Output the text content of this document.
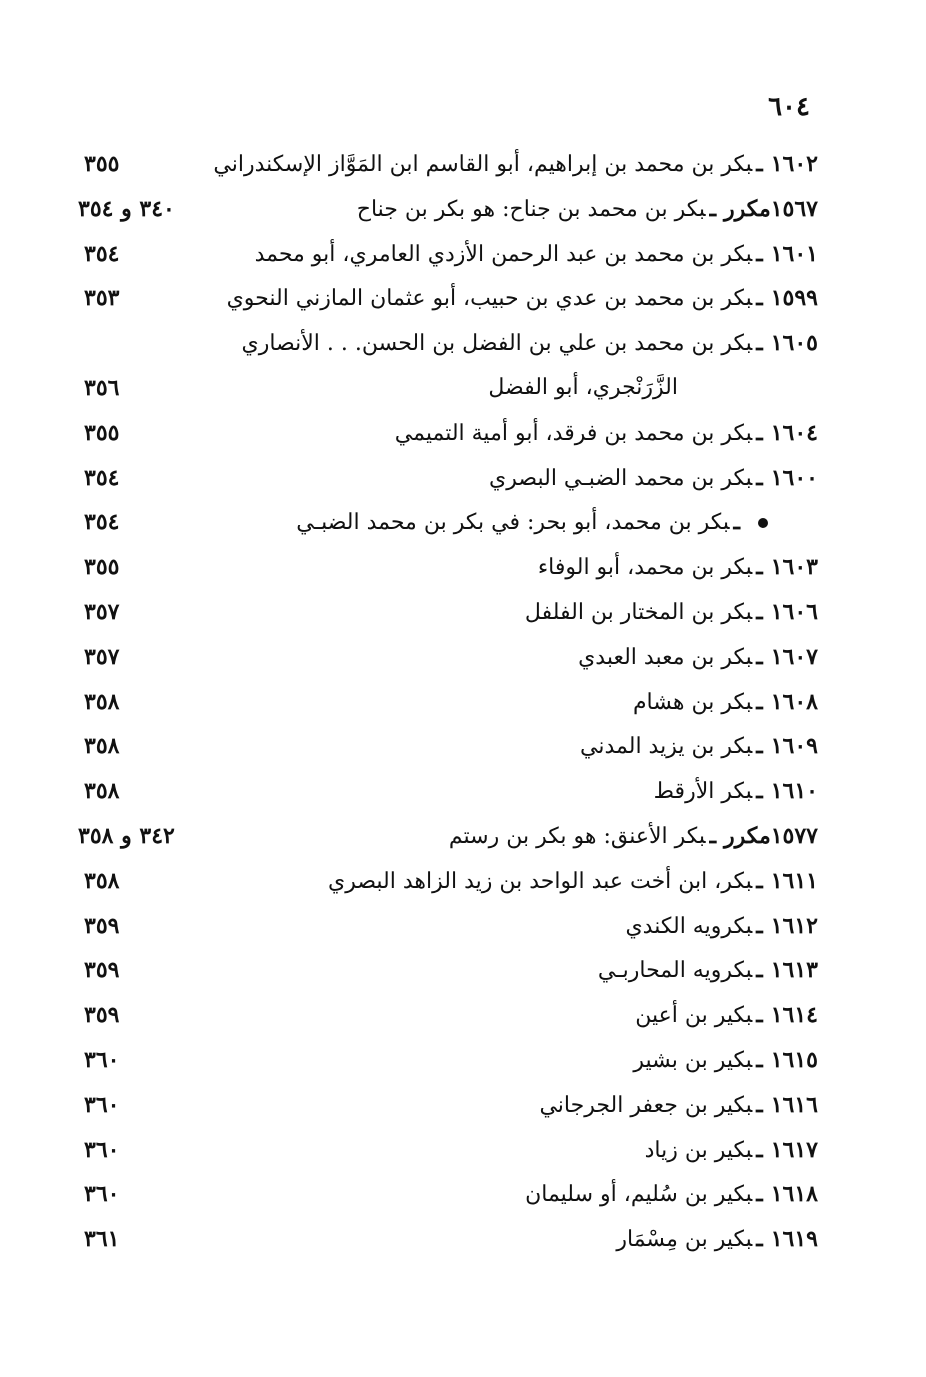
٦٠٤
١٦٠٢ـبكر بن محمد بن إبراهيم، أبو القاسم ابن المَوَّاز الإسكندراني
٣٥٥
١٥٦٧مكررـبكر بن محمد بن جناح: هو بكر بن جناح
٣٤٠ و ٣٥٤
١٦٠١ـبكر بن محمد بن عبد الرحمن الأزدي العامري، أبو محمد
٣٥٤
١٥٩٩ـبكر بن محمد بن عدي بن حبيب، أبو عثمان المازني النحوي
٣٥٣
١٦٠٥ـبكر بن محمد بن علي بن الفضل بن الحسن. . . الأنصاري
الزَّرَنْجري، أبو الفضل
٣٥٦
١٦٠٤ـبكر بن محمد بن فرقد، أبو أمية التميمي
٣٥٥
١٦٠٠ـبكر بن محمد الضبـي البصري
٣٥٤
ـبكر بن محمد، أبو بحر: في بكر بن محمد الضبـي
٣٥٤
١٦٠٣ـبكر بن محمد، أبو الوفاء
٣٥٥
١٦٠٦ـبكر بن المختار بن الفلفل
٣٥٧
١٦٠٧ـبكر بن معبد العبدي
٣٥٧
١٦٠٨ـبكر بن هشام
٣٥٨
١٦٠٩ـبكر بن يزيد المدني
٣٥٨
١٦١٠ـبكر الأرقط
٣٥٨
١٥٧٧مكررـبكر الأعنق: هو بكر بن رستم
٣٤٢ و ٣٥٨
١٦١١ـبكر، ابن أخت عبد الواحد بن زيد الزاهد البصري
٣٥٨
١٦١٢ـبكرويه الكندي
٣٥٩
١٦١٣ـبكرويه المحاربـي
٣٥٩
١٦١٤ـبكير بن أعين
٣٥٩
١٦١٥ـبكير بن بشير
٣٦٠
١٦١٦ـبكير بن جعفر الجرجاني
٣٦٠
١٦١٧ـبكير بن زياد
٣٦٠
١٦١٨ـبكير بن سُليم، أو سليمان
٣٦٠
١٦١٩ـبكير بن مِسْمَار
٣٦١
